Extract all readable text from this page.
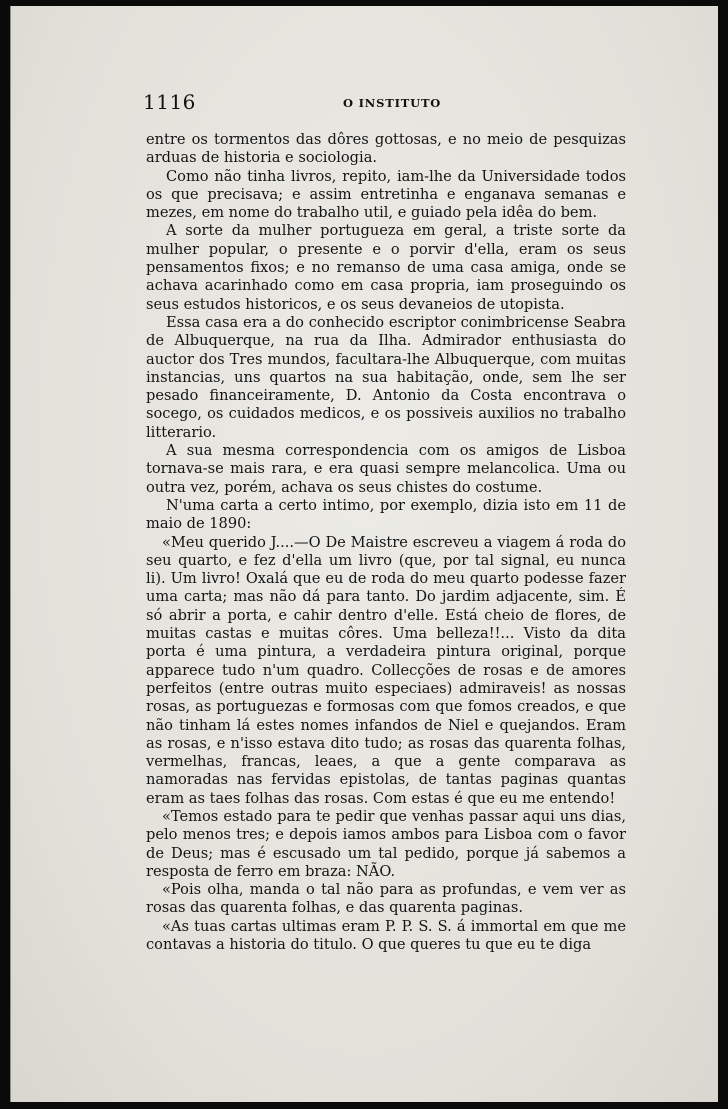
1116	O INSTITUTO

entre os tormentos das dôres gottosas, e no meio de pesquizas arduas de historia e sociologia.

Como não tinha livros, repito, iam-lhe da Universidade todos os que precisava; e assim entretinha e enganava semanas e mezes, em nome do trabalho util, e guiado pela idêa do bem.

A sorte da mulher portugueza em geral, a triste sorte da mulher popular, o presente e o porvir d'ella, eram os seus pensamentos fixos; e no remanso de uma casa amiga, onde se achava acarinhado como em casa propria, iam proseguindo os seus estudos historicos, e os seus devaneios de utopista.

Essa casa era a do conhecido escriptor conimbricense Seabra de Albuquerque, na rua da Ilha. Admirador enthusiasta do auctor dos Tres mundos, facultara-lhe Albuquerque, com muitas instancias, uns quartos na sua habitação, onde, sem lhe ser pesado financeiramente, D. Antonio da Costa encontrava o socego, os cuidados medicos, e os possiveis auxilios no trabalho litterario.

A sua mesma correspondencia com os amigos de Lisboa tornava-se mais rara, e era quasi sempre melancolica. Uma ou outra vez, porém, achava os seus chistes do costume.

N'uma carta a certo intimo, por exemplo, dizia isto em 11 de maio de 1890:

«Meu querido J....—O De Maistre escreveu a viagem á roda do seu quarto, e fez d'ella um livro (que, por tal signal, eu nunca li). Um livro! Oxalá que eu de roda do meu quarto podesse fazer uma carta; mas não dá para tanto. Do jardim adjacente, sim. É só abrir a porta, e cahir dentro d'elle. Está cheio de flores, de muitas castas e muitas côres. Uma belleza!!... Visto da dita porta é uma pintura, a verdadeira pintura original, porque apparece tudo n'um quadro. Collecções de rosas e de amores perfeitos (entre outras muito especiaes) admiraveis! as nossas rosas, as portuguezas e formosas com que fomos creados, e que não tinham lá estes nomes infandos de Niel e quejandos. Eram as rosas, e n'isso estava dito tudo; as rosas das quarenta folhas, vermelhas, francas, leaes, a que a gente comparava as namoradas nas fervidas epistolas, de tantas paginas quantas eram as taes folhas das rosas. Com estas é que eu me entendo!

«Temos estado para te pedir que venhas passar aqui uns dias, pelo menos tres; e depois iamos ambos para Lisboa com o favor de Deus; mas é escusado um tal pedido, porque já sabemos a resposta de ferro em braza: NÃO.

«Pois olha, manda o tal não para as profundas, e vem ver as rosas das quarenta folhas, e das quarenta paginas.

«As tuas cartas ultimas eram P. P. S. S. á immortal em que me contavas a historia do titulo. O que queres tu que eu te diga
